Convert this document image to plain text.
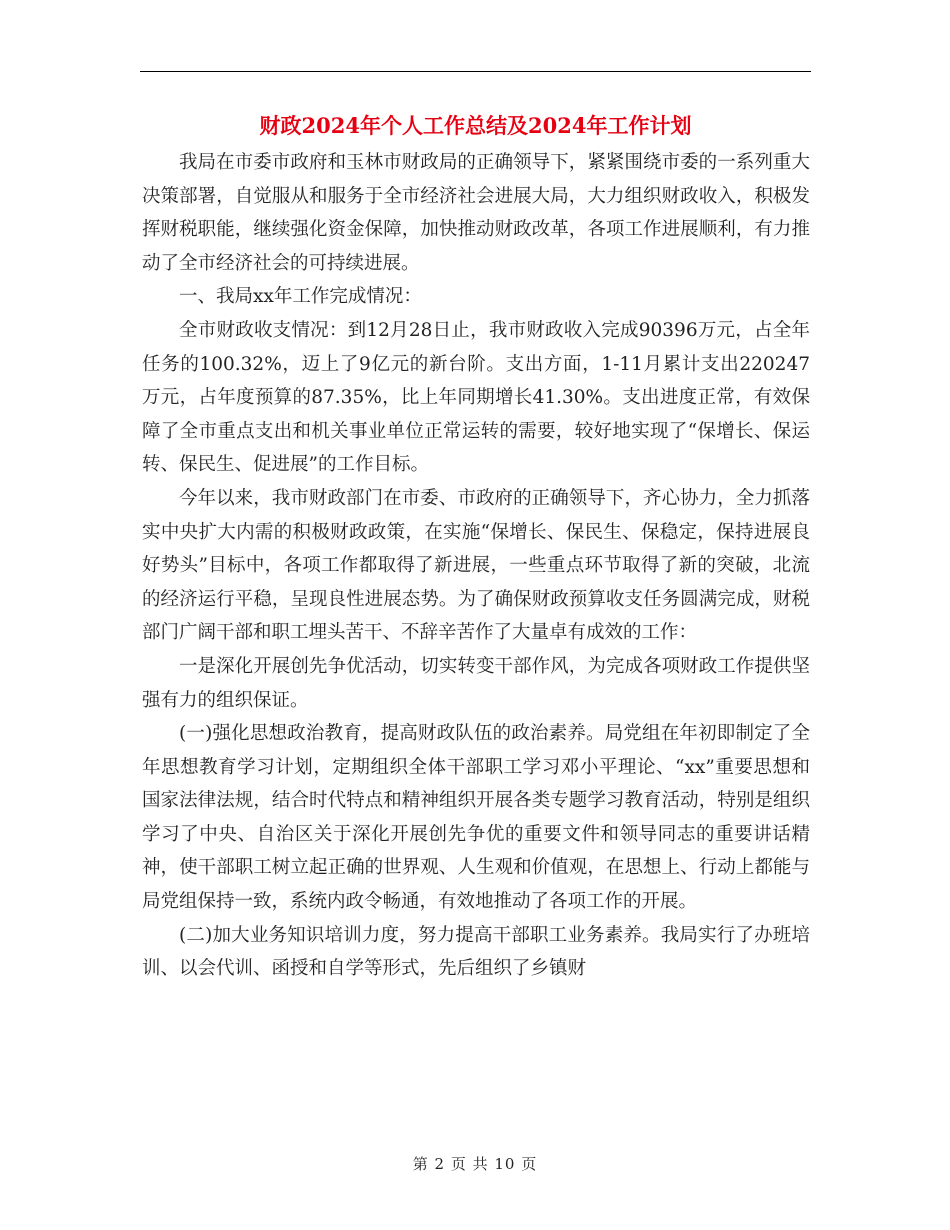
财政2024年个人工作总结及2024年工作计划

我局在市委市政府和玉林市财政局的正确领导下，紧紧围绕市委的一系列重大决策部署，自觉服从和服务于全市经济社会进展大局，大力组织财政收入，积极发挥财税职能，继续强化资金保障，加快推动财政改革，各项工作进展顺利，有力推动了全市经济社会的可持续进展。

一、我局xx年工作完成情况：

全市财政收支情况：到12月28日止，我市财政收入完成90396万元，占全年任务的100.32%，迈上了9亿元的新台阶。支出方面，1-11月累计支出220247万元，占年度预算的87.35%，比上年同期增长41.30%。支出进度正常，有效保障了全市重点支出和机关事业单位正常运转的需要，较好地实现了“保增长、保运转、保民生、促进展”的工作目标。

今年以来，我市财政部门在市委、市政府的正确领导下，齐心协力，全力抓落实中央扩大内需的积极财政政策，在实施“保增长、保民生、保稳定，保持进展良好势头”目标中，各项工作都取得了新进展，一些重点环节取得了新的突破，北流的经济运行平稳，呈现良性进展态势。为了确保财政预算收支任务圆满完成，财税部门广阔干部和职工埋头苦干、不辞辛苦作了大量卓有成效的工作：

一是深化开展创先争优活动，切实转变干部作风，为完成各项财政工作提供坚强有力的组织保证。

(一)强化思想政治教育，提高财政队伍的政治素养。局党组在年初即制定了全年思想教育学习计划，定期组织全体干部职工学习邓小平理论、“xx”重要思想和国家法律法规，结合时代特点和精神组织开展各类专题学习教育活动，特别是组织学习了中央、自治区关于深化开展创先争优的重要文件和领导同志的重要讲话精神，使干部职工树立起正确的世界观、人生观和价值观，在思想上、行动上都能与局党组保持一致，系统内政令畅通，有效地推动了各项工作的开展。

(二)加大业务知识培训力度，努力提高干部职工业务素养。我局实行了办班培训、以会代训、函授和自学等形式，先后组织了乡镇财

第 2 页 共 10 页
